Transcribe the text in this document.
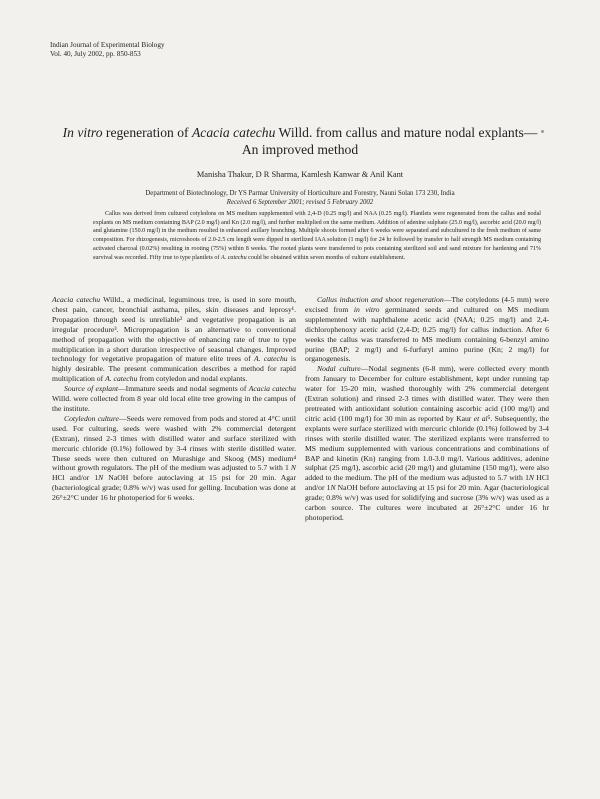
Indian Journal of Experimental Biology
Vol. 40, July 2002, pp. 850-853
In vitro regeneration of Acacia catechu Willd. from callus and mature nodal explants—An improved method
Manisha Thakur, D R Sharma, Kamlesh Kanwar & Anil Kant
Department of Biotechnology, Dr YS Parmar University of Horticulture and Forestry, Nauni Solan 173 230, India
Received 6 September 2001; revised 5 February 2002
Callus was derived from cultured cotyledons on MS medium supplemented with 2,4-D (0.25 mg/l) and NAA (0.25 mg/l). Plantlets were regenerated from the callus and nodal explants on MS medium containing BAP (2.0 mg/l) and Kn (2.0 mg/l), and further multiplied on the same medium. Addition of adenine sulphate (25.0 mg/l), ascorbic acid (20.0 mg/l) and glutamine (150.0 mg/l) in the medium resulted in enhanced axillary branching. Multiple shoots formed after 6 weeks were separated and subcultured in the fresh medium of same composition. For rhizogenesis, microshoots of 2.0-2.5 cm length were dipped in sterilized IAA solution (1 mg/l) for 24 hr followed by transfer to half strength MS medium containing activated charcoal (0.02%) resulting in rooting (75%) within 8 weeks. The rooted plants were transferred to pots containing sterilized soil and sand mixture for hardening and 71% survival was recorded. Fifty true to type plantlets of A. catechu could be obtained within seven months of culture establishment.

Acacia catechu Willd., a medicinal, leguminous tree, is used in sore mouth, chest pain, cancer, bronchial asthama, piles, skin diseases and leprosy¹. Propagation through seed is unreliable² and vegetative propagation is an irregular procedure³. Micropropagation is an alternative to conventional method of propagation with the objective of enhancing rate of true to type multiplication in a short duration irrespective of seasonal changes. Improved technology for vegetative propagation of mature elite trees of A. catechu is highly desirable. The present communication describes a method for rapid multiplication of A. catechu from cotyledon and nodal explants.

Source of explant—Immature seeds and nodal segments of Acacia catechu Willd. were collected from 8 year old local elite tree growing in the campus of the institute.

Cotyledon culture—Seeds were removed from pods and stored at 4°C until used. For culturing, seeds were washed with 2% commercial detergent (Extran), rinsed 2-3 times with distilled water and surface sterilized with mercuric chloride (0.1%) followed by 3-4 rinses with sterile distilled water. These seeds were then cultured on Murashige and Skoog (MS) medium⁴ without growth regulators. The pH of the medium was adjusted to 5.7 with 1 N HCl and/or 1N NaOH before autoclaving at 15 psi for 20 min. Agar (bacteriological grade; 0.8% w/v) was used for gelling. Incubation was done at 26°±2°C under 16 hr photoperiod for 6 weeks.

Callus induction and shoot regeneration—The cotyledons (4-5 mm) were excised from in vitro germinated seeds and cultured on MS medium supplemented with naphthalene acetic acid (NAA; 0.25 mg/l) and 2,4-dichlorophenoxy acetic acid (2,4-D; 0.25 mg/l) for callus induction. After 6 weeks the callus was transferred to MS medium containing 6-benzyl amino purine (BAP; 2 mg/l) and 6-furfuryl amino purine (Kn; 2 mg/l) for organogenesis.

Nodal culture—Nodal segments (6-8 mm), were collected every month from January to December for culture establishment, kept under running tap water for 15-20 min, washed thoroughly with 2% commercial detergent (Extran solution) and rinsed 2-3 times with distilled water. They were then pretreated with antioxidant solution containing ascorbic acid (100 mg/l) and citric acid (100 mg/l) for 30 min as reported by Kaur et al⁵. Subsequently, the explants were surface sterilized with mercuric chloride (0.1%) followed by 3-4 rinses with sterile distilled water. The sterilized explants were transferred to MS medium supplemented with various concentrations and combinations of BAP and kinetin (Kn) ranging from 1.0-3.0 mg/l. Various additives, adenine sulphat (25 mg/l), ascorbic acid (20 mg/l) and glutamine (150 mg/l), were also added to the medium. The pH of the medium was adjusted to 5.7 with 1N HCl and/or 1N NaOH before autoclaving at 15 psi for 20 min. Agar (bacteriological grade; 0.8% w/v) was used for solidifying and sucrose (3% w/v) was used as a carbon source. The cultures were incubated at 26°±2°C under 16 hr photoperiod.
